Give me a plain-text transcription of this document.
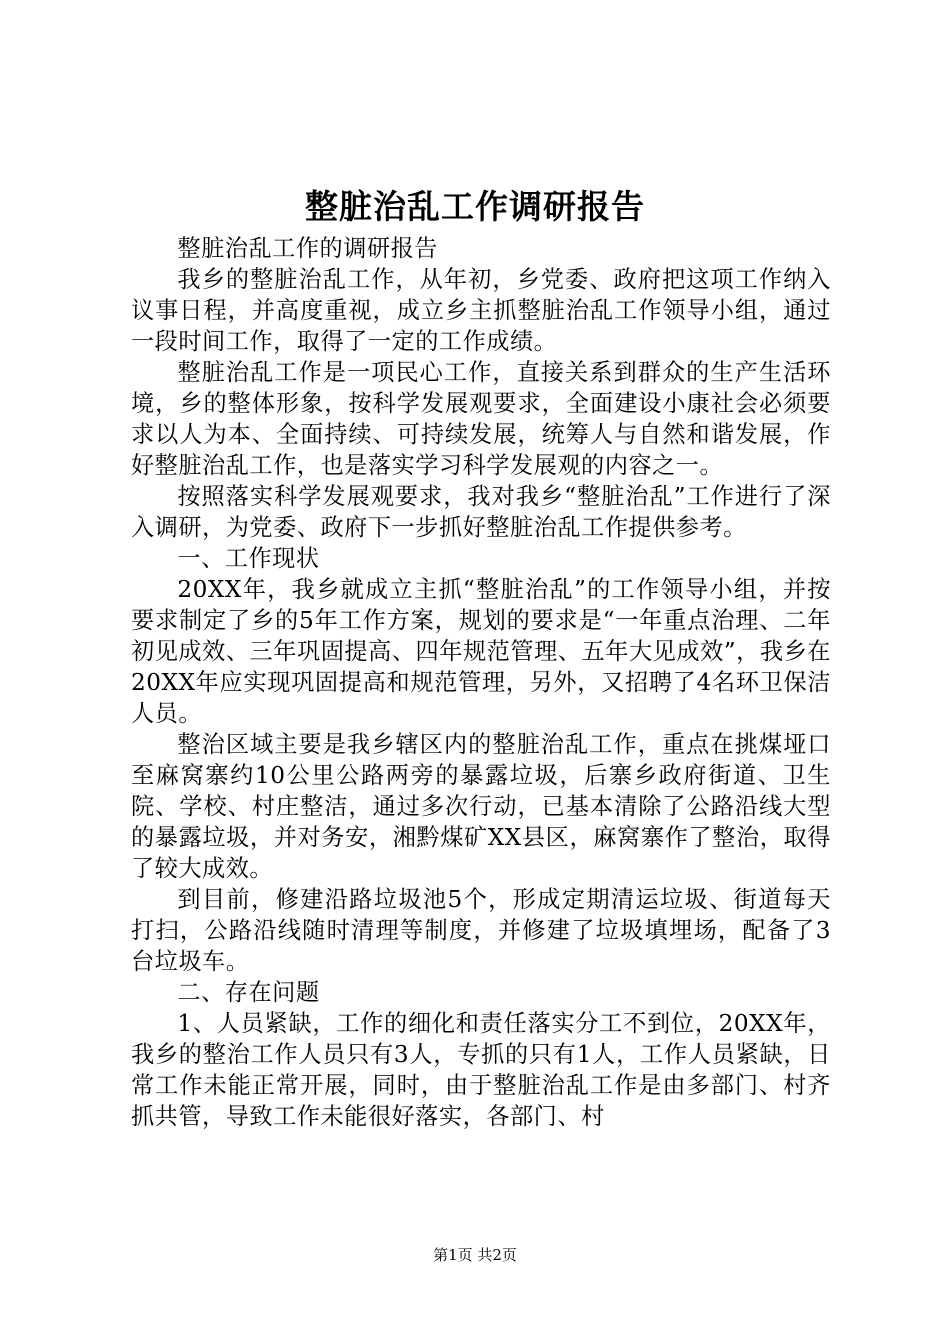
整脏治乱工作调研报告

整脏治乱工作的调研报告

我乡的整脏治乱工作，从年初，乡党委、政府把这项工作纳入议事日程，并高度重视，成立乡主抓整脏治乱工作领导小组，通过一段时间工作，取得了一定的工作成绩。

整脏治乱工作是一项民心工作，直接关系到群众的生产生活环境，乡的整体形象，按科学发展观要求，全面建设小康社会必须要求以人为本、全面持续、可持续发展，统筹人与自然和谐发展，作好整脏治乱工作，也是落实学习科学发展观的内容之一。

按照落实科学发展观要求，我对我乡“整脏治乱”工作进行了深入调研，为党委、政府下一步抓好整脏治乱工作提供参考。

一、工作现状

20XX年，我乡就成立主抓“整脏治乱”的工作领导小组，并按要求制定了乡的5年工作方案，规划的要求是“一年重点治理、二年初见成效、三年巩固提高、四年规范管理、五年大见成效”，我乡在20XX年应实现巩固提高和规范管理，另外，又招聘了4名环卫保洁人员。

整治区域主要是我乡辖区内的整脏治乱工作，重点在挑煤垭口至麻窝寨约10公里公路两旁的暴露垃圾，后寨乡政府街道、卫生院、学校、村庄整洁，通过多次行动，已基本清除了公路沿线大型的暴露垃圾，并对务安，湘黔煤矿XX县区，麻窝寨作了整治，取得了较大成效。

到目前，修建沿路垃圾池5个，形成定期清运垃圾、街道每天打扫，公路沿线随时清理等制度，并修建了垃圾填埋场，配备了3台垃圾车。

二、存在问题

1、人员紧缺，工作的细化和责任落实分工不到位，20XX年，我乡的整治工作人员只有3人，专抓的只有1人，工作人员紧缺，日常工作未能正常开展，同时，由于整脏治乱工作是由多部门、村齐抓共管，导致工作未能很好落实，各部门、村

第1页 共2页
